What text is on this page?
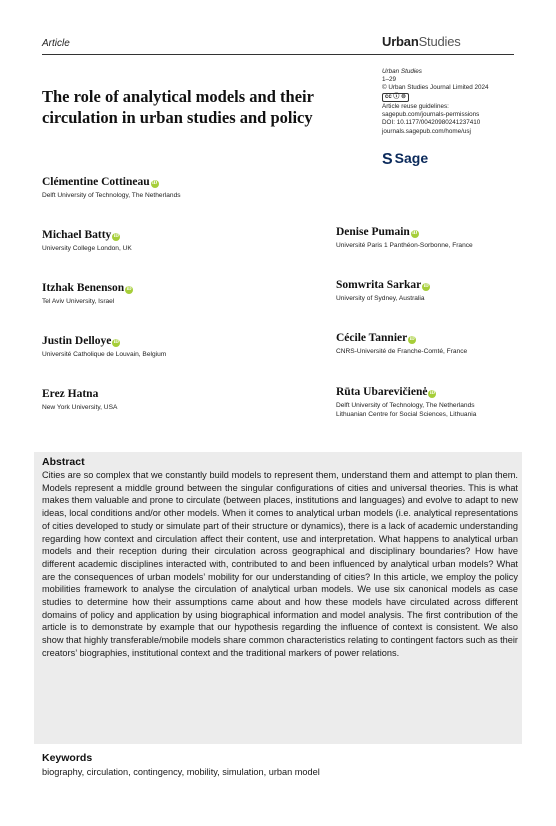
Article	UrbanStudies
The role of analytical models and their circulation in urban studies and policy
Urban Studies
1–29
© Urban Studies Journal Limited 2024
cc ⓘ ⊜
Article reuse guidelines:
sagepub.com/journals-permissions
DOI: 10.1177/00420980241237410
journals.sagepub.com/home/usj
S Sage
Clémentine Cottineau iD
Delft University of Technology, The Netherlands
Michael Batty iD
University College London, UK
Itzhak Benenson iD
Tel Aviv University, Israel
Justin Delloye iD
Université Catholique de Louvain, Belgium
Erez Hatna
New York University, USA
Denise Pumain iD
Université Paris 1 Panthéon-Sorbonne, France
Somwrita Sarkar iD
University of Sydney, Australia
Cécile Tannier iD
CNRS-Université de Franche-Comté, France
Rūta Ubarevičienė iD
Delft University of Technology, The Netherlands
Lithuanian Centre for Social Sciences, Lithuania
Abstract
Cities are so complex that we constantly build models to represent them, understand them and attempt to plan them. Models represent a middle ground between the singular configurations of cities and universal theories. This is what makes them valuable and prone to circulate (between places, institutions and languages) and evolve to adapt to new ideas, local conditions and/or other models. When it comes to analytical urban models (i.e. analytical representations of cities developed to study or simulate part of their structure or dynamics), there is a lack of academic understanding regarding how context and circulation affect their content, use and interpretation. What happens to analytical urban models and their reception during their circulation across geographical and disciplinary boundaries? How have different academic disciplines interacted with, contributed to and been influenced by analytical urban models? What are the consequences of urban models’ mobility for our understanding of cities? In this article, we employ the policy mobilities framework to analyse the circulation of analytical urban models. We use six canonical models as case studies to determine how their assumptions came about and how these models have circulated across different domains of policy and application by using biographical information and model analysis. The first contribution of the article is to demonstrate by example that our hypothesis regarding the influence of context is consistent. We also show that highly transferable/mobile models share common characteristics relating to contingent factors such as their creators’ biographies, institutional context and the traditional markers of power relations.
Keywords
biography, circulation, contingency, mobility, simulation, urban model
